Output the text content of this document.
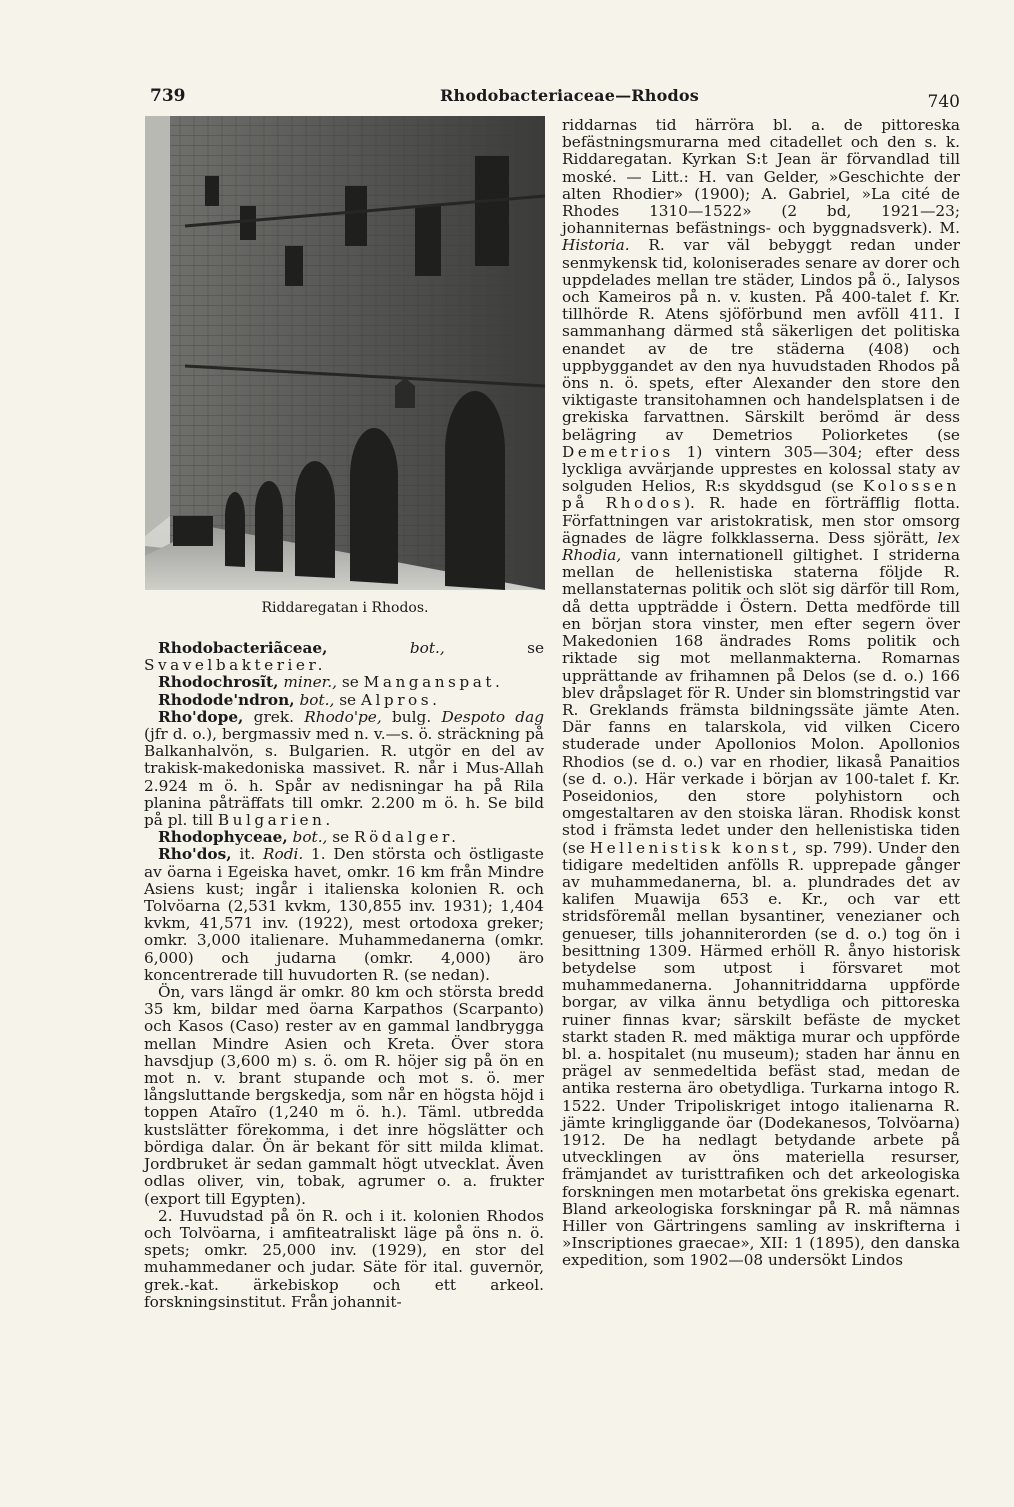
739	Rhodobacteriaceae—Rhodos	740
Riddaregatan i Rhodos.

Rhodobacteriãceae,	bot.,	se Svavelbakterier.

Rhodochrosĩt, miner., se Manganspat.

Rhodode'ndron, bot., se Alpros.

Rho'dope, grek. Rhodo'pe, bulg. Despoto dag (jfr d. o.), bergmassiv med n. v.—s. ö. sträckning på Balkanhalvön, s. Bulgarien. R. utgör en del av trakisk-makedoniska massivet. R. når i Mus-Allah 2.924 m ö. h. Spår av nedisningar ha på Rila planina påträffats till omkr. 2.200 m ö. h. Se bild på pl. till Bulgarien.

Rhodophyceae, bot., se Rödalger.

Rho'dos, it. Rodi. 1. Den största och östligaste av öarna i Egeiska havet, omkr. 16 km från Mindre Asiens kust; ingår i italienska kolonien R. och Tolvöarna (2,531 kvkm, 130,855 inv. 1931); 1,404 kvkm, 41,571 inv. (1922), mest ortodoxa greker; omkr. 3,000 italienare. Muhammedanerna (omkr. 6,000) och judarna (omkr. 4,000) äro koncentrerade till huvudorten R. (se nedan).

Ön, vars längd är omkr. 80 km och största bredd 35 km, bildar med öarna Karpathos (Scarpanto) och Kasos (Caso) rester av en gammal landbrygga mellan Mindre Asien och Kreta. Över stora havsdjup (3,600 m) s. ö. om R. höjer sig på ön en mot n. v. brant stupande och mot s. ö. mer långsluttande bergskedja, som når en högsta höjd i toppen Ataĩro (1,240 m ö. h.). Täml. utbredda kustslätter förekomma, i det inre högslätter och bördiga dalar. Ön är bekant för sitt milda klimat. Jordbruket är sedan gammalt högt utvecklat. Även odlas oliver, vin, tobak, agrumer o. a. frukter (export till Egypten).

2. Huvudstad på ön R. och i it. kolonien Rhodos och Tolvöarna, i amfiteatraliskt läge på öns n. ö. spets; omkr. 25,000 inv. (1929), en stor del muhammedaner och judar. Säte för ital. guvernör, grek.-kat. ärkebiskop och ett arkeol. forskningsinstitut. Från johannit-

riddarnas tid härröra bl. a. de pittoreska befästningsmurarna med citadellet och den s. k. Riddaregatan. Kyrkan S:t Jean är förvandlad till moské. — Litt.: H. van Gelder, »Geschichte der alten Rhodier» (1900); A. Gabriel, »La cité de Rhodes 1310—1522» (2 bd, 1921—23; johanniternas befästnings- och byggnadsverk). M. Historia. R. var väl bebyggt redan under senmykensk tid, koloniserades senare av dorer och uppdelades mellan tre städer, Lindos på ö., Ialysos och Kameiros på n. v. kusten. På 400-talet f. Kr. tillhörde R. Atens sjöförbund men avföll 411. I sammanhang därmed stå säkerligen det politiska enandet av de tre städerna (408) och uppbyggandet av den nya huvudstaden Rhodos på öns n. ö. spets, efter Alexander den store den viktigaste transitohamnen och handelsplatsen i de grekiska farvattnen. Särskilt berömd är dess belägring av Demetrios Poliorketes (se Demetrios 1) vintern 305—304; efter dess lyckliga avvärjande upprestes en kolossal staty av solguden Helios, R:s skyddsgud (se Kolossen på Rhodos). R. hade en förträfflig flotta. Författningen var aristokratisk, men stor omsorg ägnades de lägre folkklasserna. Dess sjörätt, lex Rhodia, vann internationell giltighet. I striderna mellan de hellenistiska staterna följde R. mellanstaternas politik och slöt sig därför till Rom, då detta uppträdde i Östern. Detta medförde till en början stora vinster, men efter segern över Makedonien 168 ändrades Roms politik och riktade sig mot mellanmakterna. Romarnas upprättande av frihamnen på Delos (se d. o.) 166 blev dråpslaget för R. Under sin blomstringstid var R. Greklands främsta bildningssäte jämte Aten. Där fanns en talarskola, vid vilken Cicero studerade under Apollonios Molon. Apollonios Rhodios (se d. o.) var en rhodier, likaså Panaitios (se d. o.). Här verkade i början av 100-talet f. Kr. Poseidonios, den store polyhistorn och omgestaltaren av den stoiska läran. Rhodisk konst stod i främsta ledet under den hellenistiska tiden (se Hellenistisk konst, sp. 799). Under den tidigare medeltiden anfölls R. upprepade gånger av muhammedanerna, bl. a. plundrades det av kalifen Muawija 653 e. Kr., och var ett stridsföremål mellan bysantiner, venezianer och genueser, tills johanniterorden (se d. o.) tog ön i besittning 1309. Härmed erhöll R. ånyo historisk betydelse som utpost i försvaret mot muhammedanerna. Johannitriddarna uppförde borgar, av vilka ännu betydliga och pittoreska ruiner finnas kvar; särskilt befäste de mycket starkt staden R. med mäktiga murar och uppförde bl. a. hospitalet (nu museum); staden har ännu en prägel av senmedeltida befäst stad, medan de antika resterna äro obetydliga. Turkarna intogo R. 1522. Under Tripoliskriget intogo italienarna R. jämte kringliggande öar (Dodekanesos, Tolvöarna) 1912. De ha nedlagt betydande arbete på utvecklingen av öns materiella resurser, främjandet av turisttrafiken och det arkeologiska forskningen men motarbetat öns grekiska egenart. Bland arkeologiska forskningar på R. må nämnas Hiller von Gärtringens samling av inskrifterna i »Inscriptiones graecae», XII: 1 (1895), den danska expedition, som 1902—08 undersökt Lindos
